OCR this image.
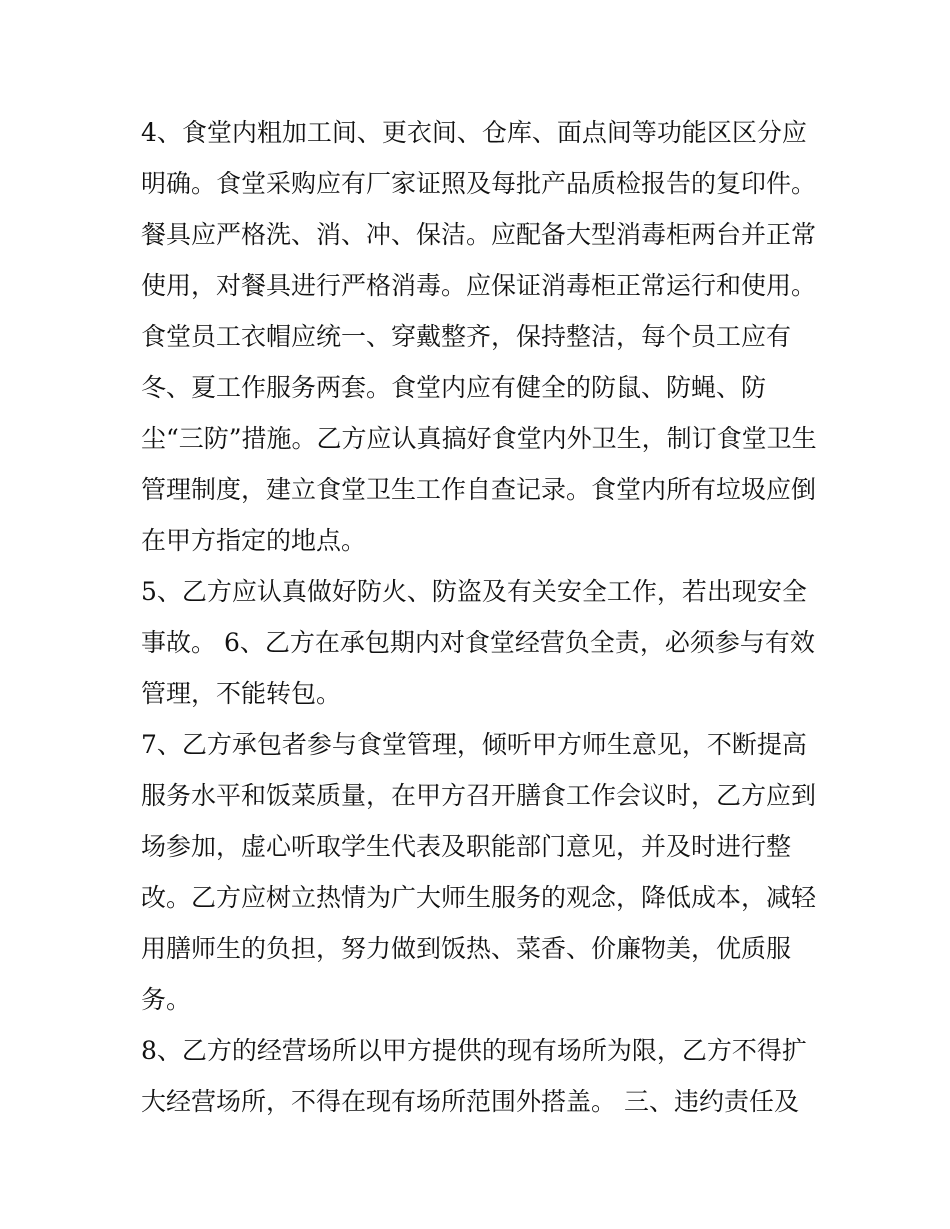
4、食堂内粗加工间、更衣间、仓库、面点间等功能区区分应
明确。食堂采购应有厂家证照及每批产品质检报告的复印件。
餐具应严格洗、消、冲、保洁。应配备大型消毒柜两台并正常
使用，对餐具进行严格消毒。应保证消毒柜正常运行和使用。
食堂员工衣帽应统一、穿戴整齐，保持整洁，每个员工应有
冬、夏工作服务两套。食堂内应有健全的防鼠、防蝇、防
尘“三防”措施。乙方应认真搞好食堂内外卫生，制订食堂卫生
管理制度，建立食堂卫生工作自查记录。食堂内所有垃圾应倒
在甲方指定的地点。
5、乙方应认真做好防火、防盗及有关安全工作，若出现安全
事故。 6、乙方在承包期内对食堂经营负全责，必须参与有效
管理，不能转包。
7、乙方承包者参与食堂管理，倾听甲方师生意见，不断提高
服务水平和饭菜质量，在甲方召开膳食工作会议时，乙方应到
场参加，虚心听取学生代表及职能部门意见，并及时进行整
改。乙方应树立热情为广大师生服务的观念，降低成本，减轻
用膳师生的负担，努力做到饭热、菜香、价廉物美，优质服
务。
8、乙方的经营场所以甲方提供的现有场所为限，乙方不得扩
大经营场所，不得在现有场所范围外搭盖。 三、违约责任及
